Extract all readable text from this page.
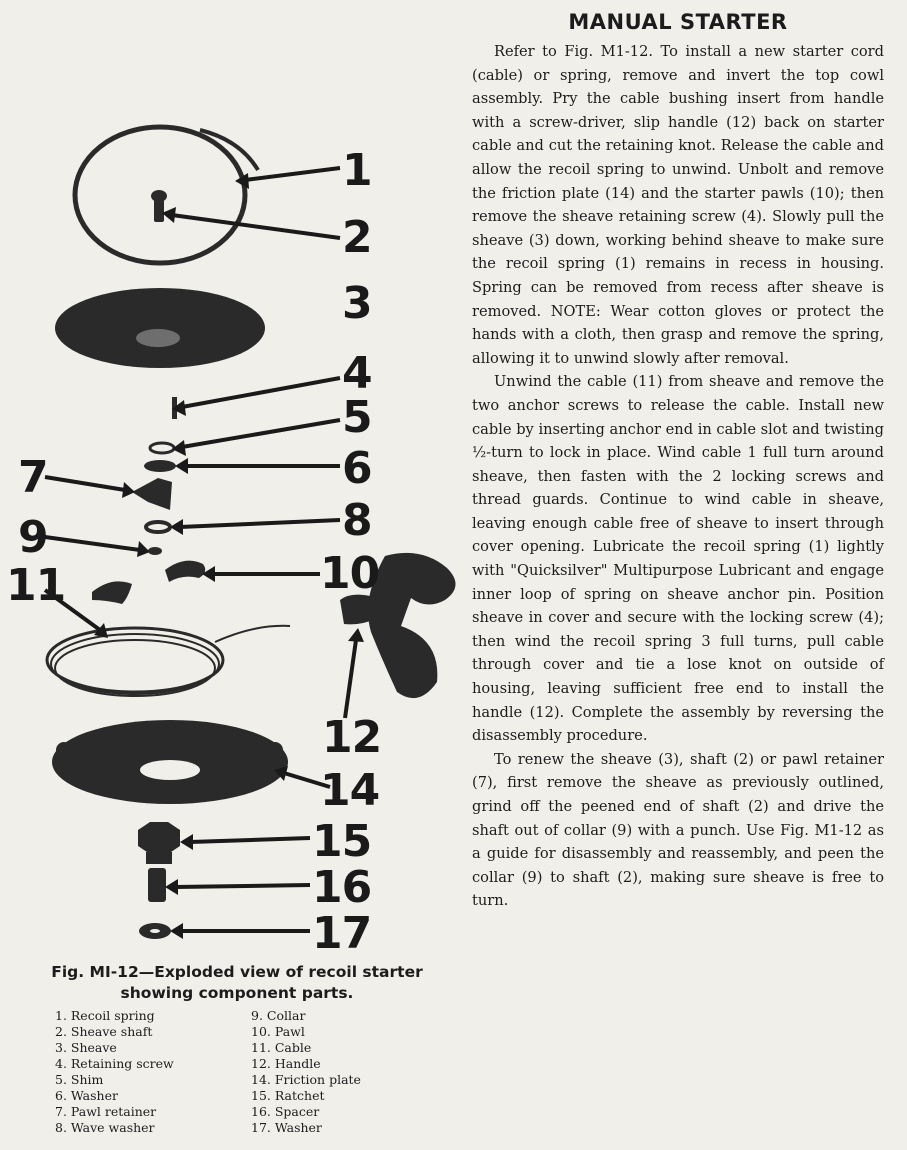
1
2
3
4
5
6
7
8
9
10
11
12
14
15
16
17
Fig. MI-12—Exploded view of recoil starter
showing component parts.
1. Recoil spring
2. Sheave shaft
3. Sheave
4. Retaining screw
5. Shim
6. Washer
7. Pawl retainer
8. Wave washer
9. Collar
10. Pawl
11. Cable
12. Handle
14. Friction plate
15. Ratchet
16. Spacer
17. Washer
MANUAL STARTER

Refer to Fig. M1-12. To install a new starter cord (cable) or spring, remove and invert the top cowl assembly. Pry the cable bushing insert from handle with a screw-driver, slip handle (12) back on starter cable and cut the retaining knot. Release the cable and allow the recoil spring to unwind. Unbolt and remove the friction plate (14) and the starter pawls (10); then remove the sheave retaining screw (4). Slowly pull the sheave (3) down, working behind sheave to make sure the recoil spring (1) remains in recess in housing. Spring can be removed from recess after sheave is removed. NOTE: Wear cotton gloves or protect the hands with a cloth, then grasp and remove the spring, allowing it to unwind slowly after removal.

Unwind the cable (11) from sheave and remove the two anchor screws to release the cable. Install new cable by inserting anchor end in cable slot and twisting ½-turn to lock in place. Wind cable 1 full turn around sheave, then fasten with the 2 locking screws and thread guards. Continue to wind cable in sheave, leaving enough cable free of sheave to insert through cover opening. Lubricate the recoil spring (1) lightly with "Quicksilver" Multipurpose Lubricant and engage inner loop of spring on sheave anchor pin. Position sheave in cover and secure with the locking screw (4); then wind the recoil spring 3 full turns, pull cable through cover and tie a lose knot on outside of housing, leaving sufficient free end to install the handle (12). Complete the assembly by reversing the disassembly procedure.

To renew the sheave (3), shaft (2) or pawl retainer (7), first remove the sheave as previously outlined, grind off the peened end of shaft (2) and drive the shaft out of collar (9) with a punch. Use Fig. M1-12 as a guide for disassembly and reassembly, and peen the collar (9) to shaft (2), making sure sheave is free to turn.
